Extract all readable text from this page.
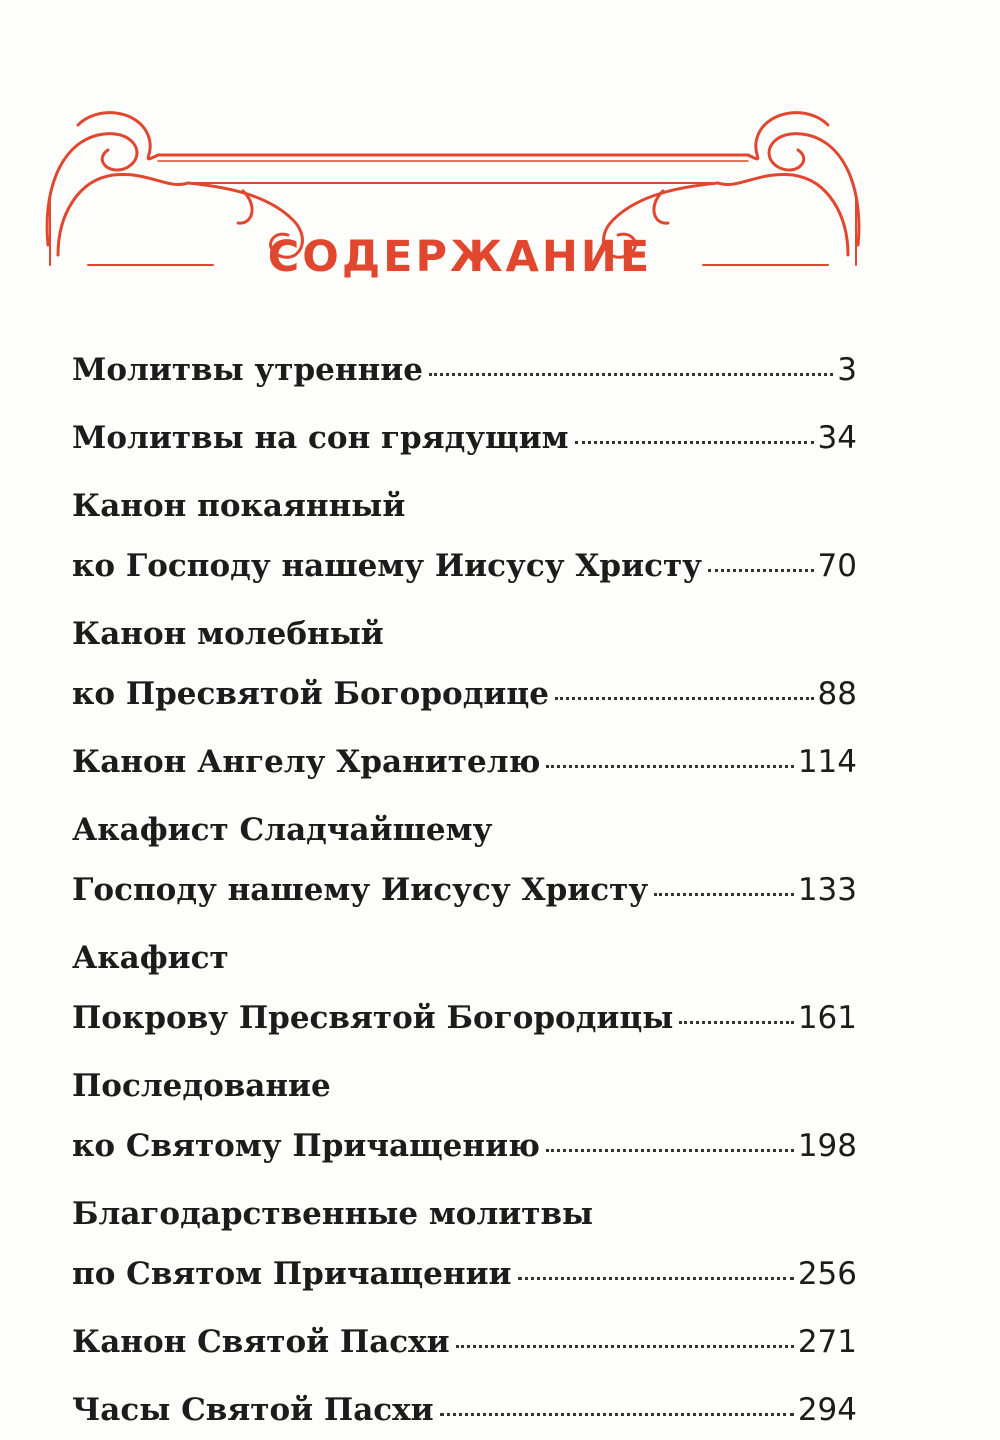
СОДЕРЖАНИЕ
Молитвы утренние	3
Молитвы на сон грядущим	34
Канон покаянный
ко Господу нашему Иисусу Христу	70
Канон молебный
ко Пресвятой Богородице	88
Канон Ангелу Хранителю	114
Акафист Сладчайшему
Господу нашему Иисусу Христу	133
Акафист
Покрову Пресвятой Богородицы	161
Последование
ко Святому Причащению	198
Благодарственные молитвы
по Святом Причащении	256
Канон Святой Пасхи	271
Часы Святой Пасхи	294
